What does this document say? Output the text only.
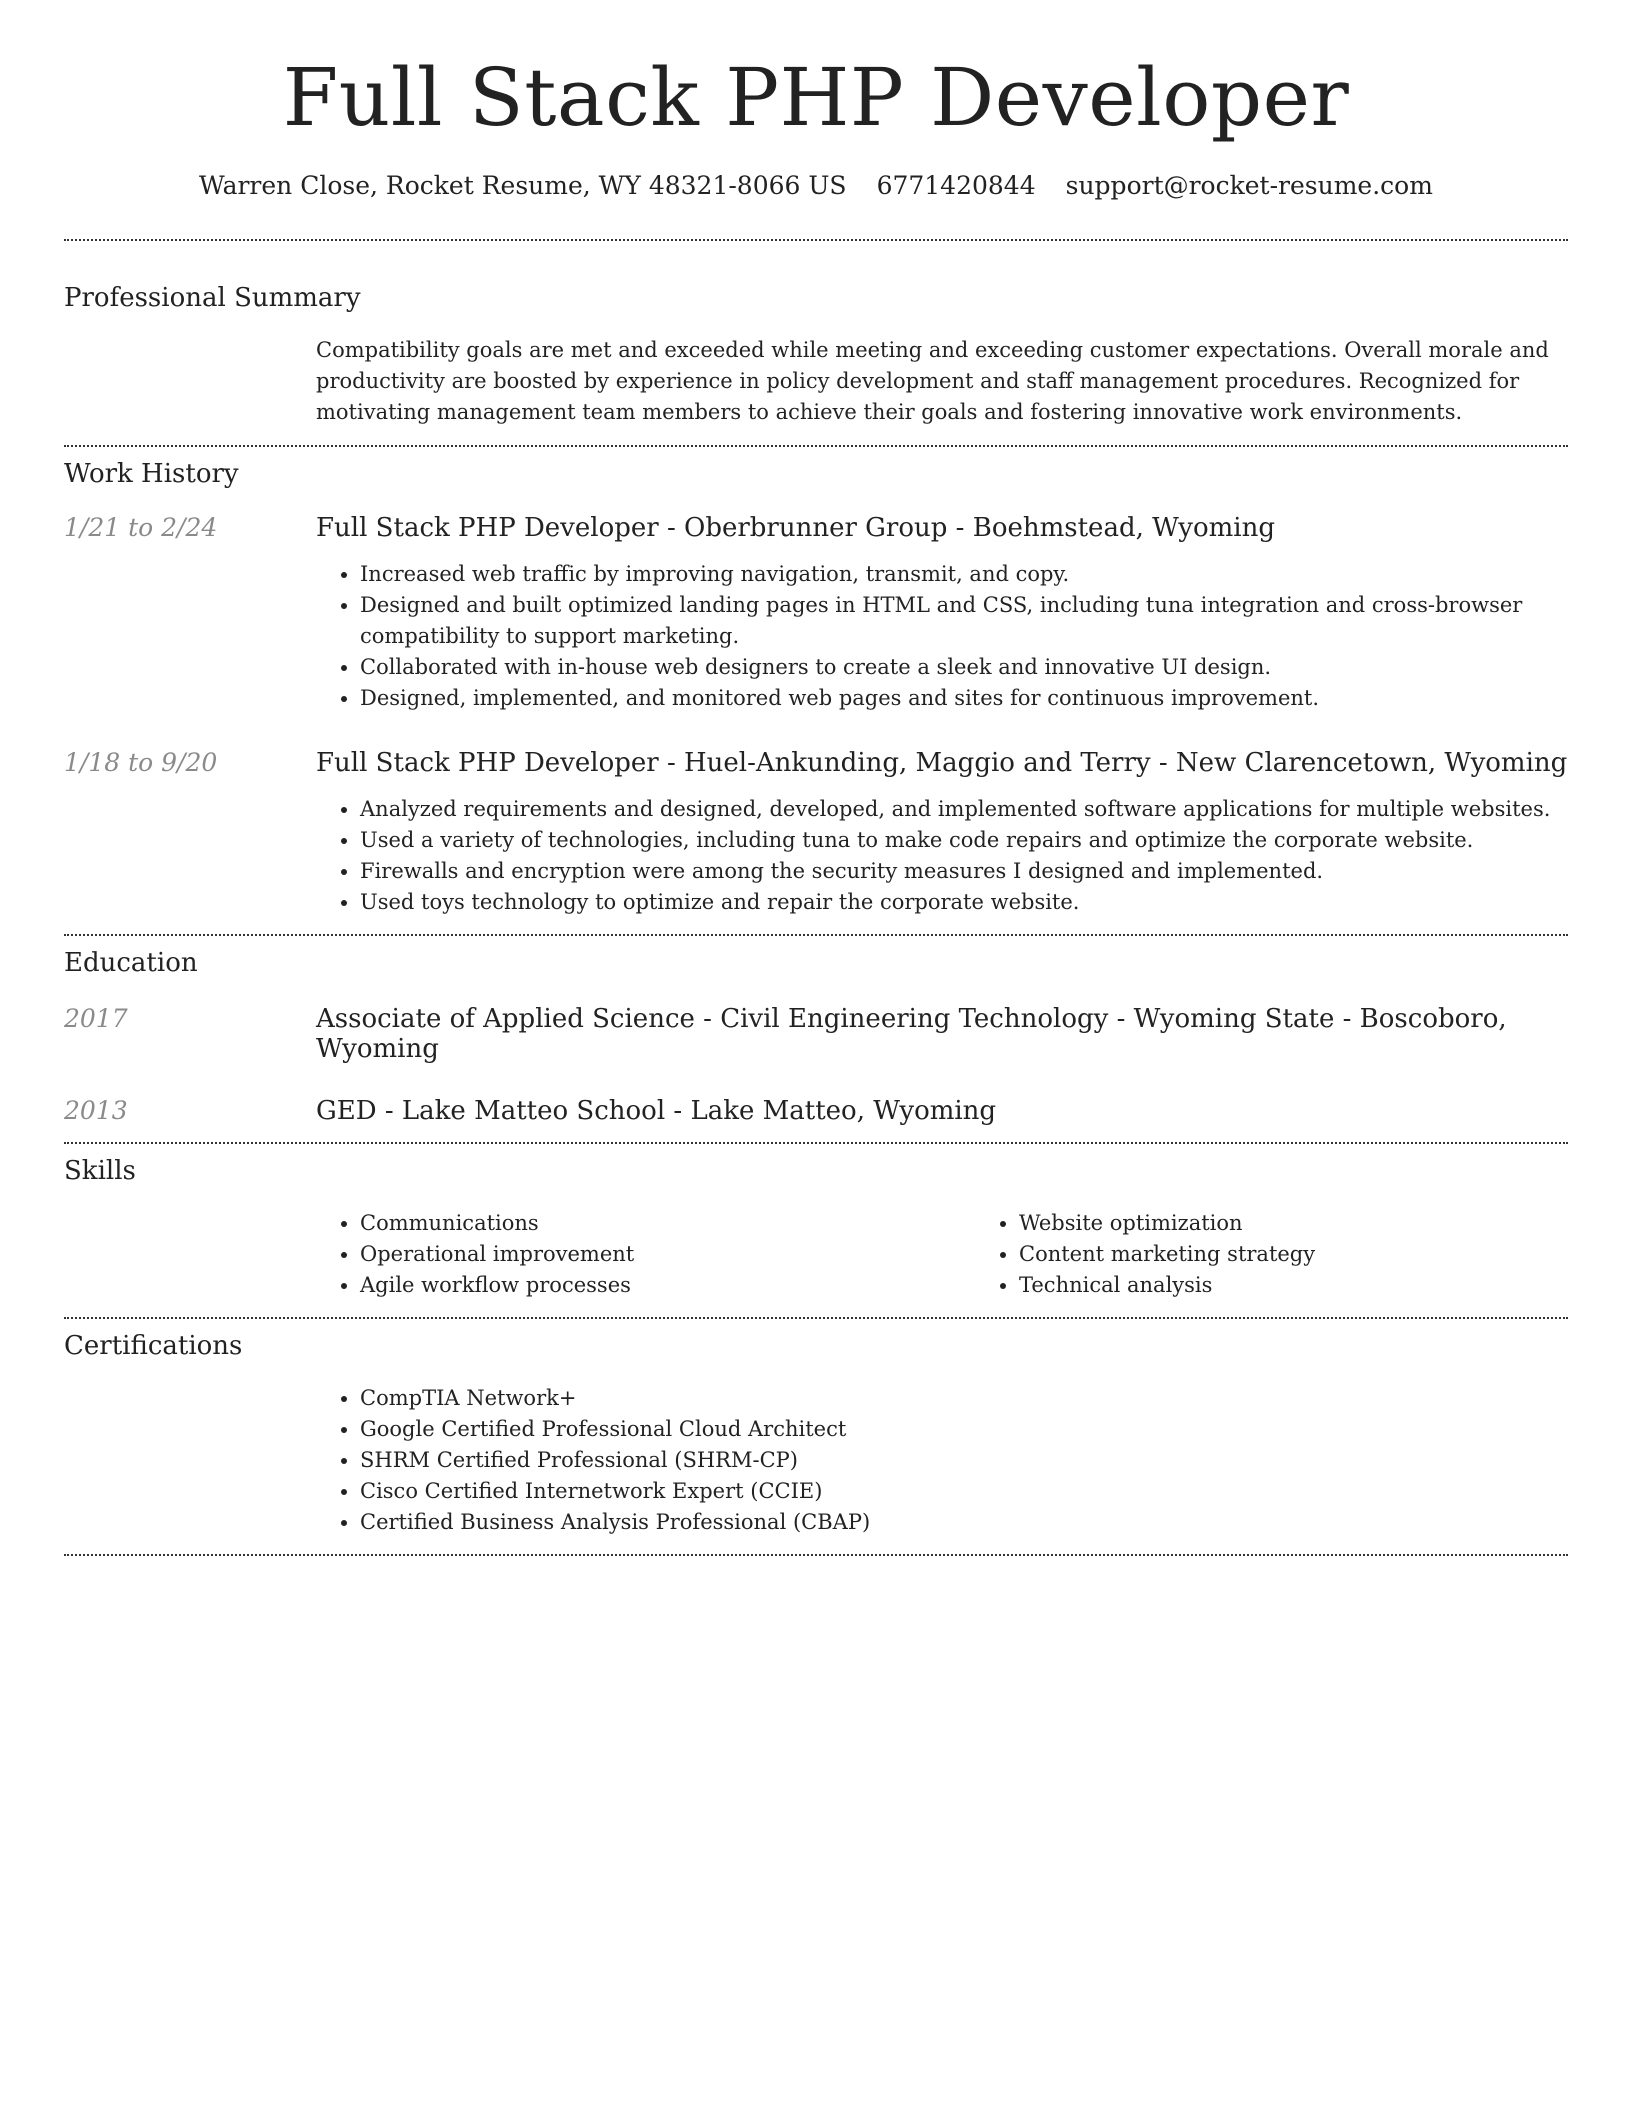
Full Stack PHP Developer
Warren Close, Rocket Resume, WY 48321-8066 US 6771420844 support@rocket-resume.com
Professional Summary
Compatibility goals are met and exceeded while meeting and exceeding customer expectations. Overall morale and productivity are boosted by experience in policy development and staff management procedures. Recognized for motivating management team members to achieve their goals and fostering innovative work environments.
Work History
1/21 to 2/24	Full Stack PHP Developer - Oberbrunner Group - Boehmstead, Wyoming
• Increased web traffic by improving navigation, transmit, and copy.
• Designed and built optimized landing pages in HTML and CSS, including tuna integration and cross-browser compatibility to support marketing.
• Collaborated with in-house web designers to create a sleek and innovative UI design.
• Designed, implemented, and monitored web pages and sites for continuous improvement.
1/18 to 9/20	Full Stack PHP Developer - Huel-Ankunding, Maggio and Terry - New Clarencetown, Wyoming
• Analyzed requirements and designed, developed, and implemented software applications for multiple websites.
• Used a variety of technologies, including tuna to make code repairs and optimize the corporate website.
• Firewalls and encryption were among the security measures I designed and implemented.
• Used toys technology to optimize and repair the corporate website.
Education
2017	Associate of Applied Science - Civil Engineering Technology - Wyoming State - Boscoboro, Wyoming
2013	GED - Lake Matteo School - Lake Matteo, Wyoming
Skills
• Communications
• Operational improvement
• Agile workflow processes
• Website optimization
• Content marketing strategy
• Technical analysis
Certifications
• CompTIA Network+
• Google Certified Professional Cloud Architect
• SHRM Certified Professional (SHRM-CP)
• Cisco Certified Internetwork Expert (CCIE)
• Certified Business Analysis Professional (CBAP)
